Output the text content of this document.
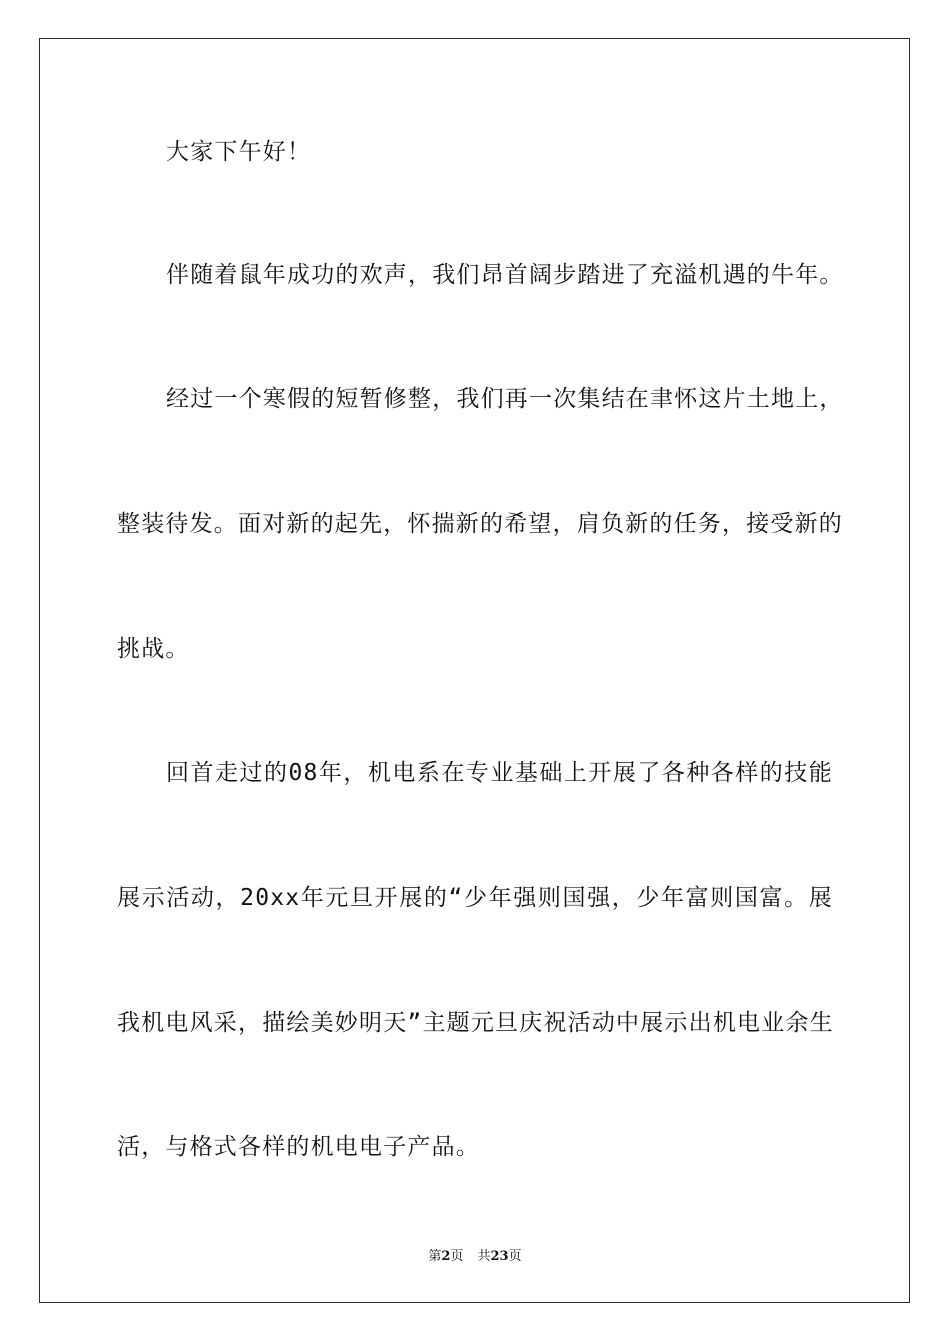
大家下午好！
伴随着鼠年成功的欢声，我们昂首阔步踏进了充溢机遇的牛年。
经过一个寒假的短暂修整，我们再一次集结在聿怀这片土地上，
整装待发。面对新的起先，怀揣新的希望，肩负新的任务，接受新的
挑战。
回首走过的08年，机电系在专业基础上开展了各种各样的技能
展示活动，20xx年元旦开展的“少年强则国强，少年富则国富。展
我机电风采，描绘美妙明天”主题元旦庆祝活动中展示出机电业余生
活，与格式各样的机电电子产品。
第2页 共23页
